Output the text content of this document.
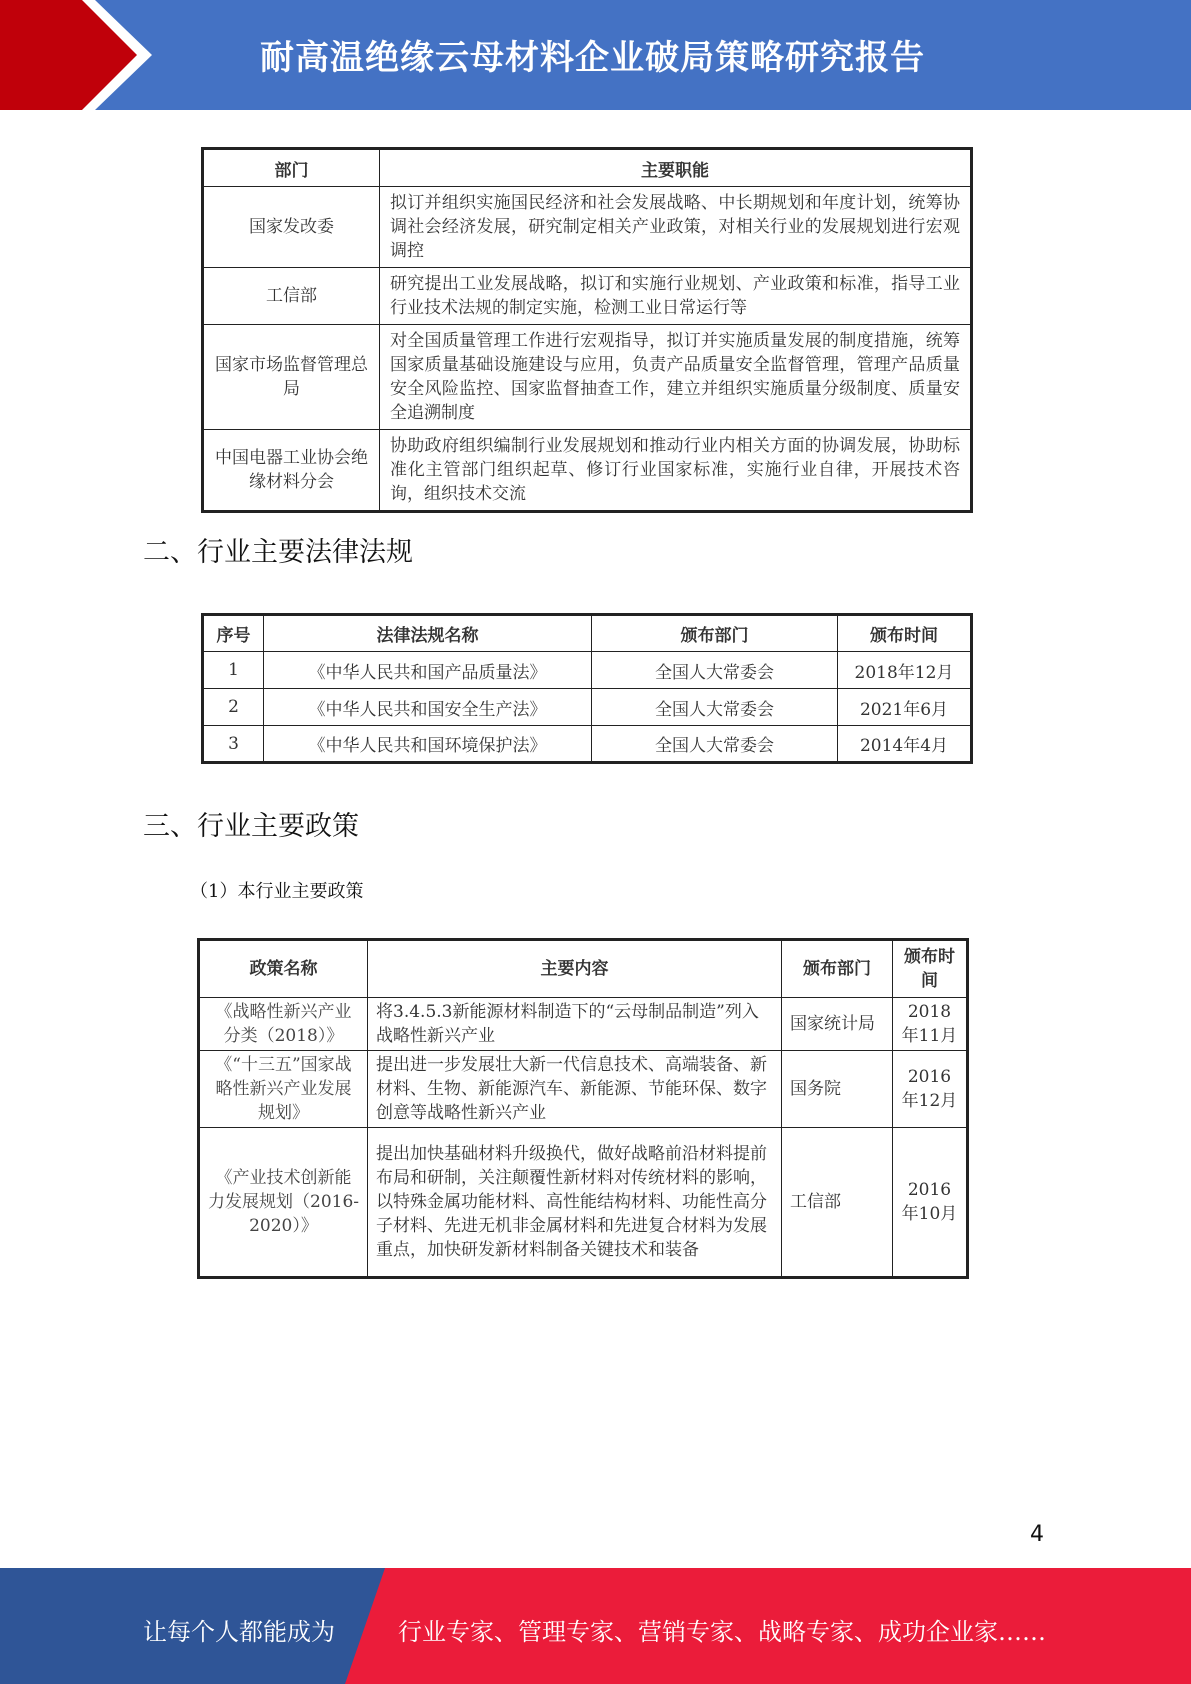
耐高温绝缘云母材料企业破局策略研究报告
部门	主要职能
国家发改委	拟订并组织实施国民经济和社会发展战略、中长期规划和年度计划，统筹协调社会经济发展，研究制定相关产业政策，对相关行业的发展规划进行宏观调控
工信部	研究提出工业发展战略，拟订和实施行业规划、产业政策和标准，指导工业行业技术法规的制定实施，检测工业日常运行等
国家市场监督管理总局	对全国质量管理工作进行宏观指导，拟订并实施质量发展的制度措施，统筹国家质量基础设施建设与应用，负责产品质量安全监督管理，管理产品质量安全风险监控、国家监督抽查工作，建立并组织实施质量分级制度、质量安全追溯制度
中国电器工业协会绝缘材料分会	协助政府组织编制行业发展规划和推动行业内相关方面的协调发展，协助标准化主管部门组织起草、修订行业国家标准，实施行业自律，开展技术咨询，组织技术交流
二、行业主要法律法规
序号	法律法规名称	颁布部门	颁布时间
1	《中华人民共和国产品质量法》	全国人大常委会	2018年12月
2	《中华人民共和国安全生产法》	全国人大常委会	2021年6月
3	《中华人民共和国环境保护法》	全国人大常委会	2014年4月
三、行业主要政策
（1）本行业主要政策
政策名称	主要内容	颁布部门	颁布时间
《战略性新兴产业分类（2018）》	将3.4.5.3新能源材料制造下的“云母制品制造”列入战略性新兴产业	国家统计局	2018年11月
《“十三五”国家战略性新兴产业发展规划》	提出进一步发展壮大新一代信息技术、高端装备、新材料、生物、新能源汽车、新能源、节能环保、数字创意等战略性新兴产业	国务院	2016年12月
《产业技术创新能力发展规划（2016-2020）》	提出加快基础材料升级换代，做好战略前沿材料提前布局和研制，关注颠覆性新材料对传统材料的影响，以特殊金属功能材料、高性能结构材料、功能性高分子材料、先进无机非金属材料和先进复合材料为发展重点，加快研发新材料制备关键技术和装备	工信部	2016年10月
4
让每个人都能成为	行业专家、管理专家、营销专家、战略专家、成功企业家……
